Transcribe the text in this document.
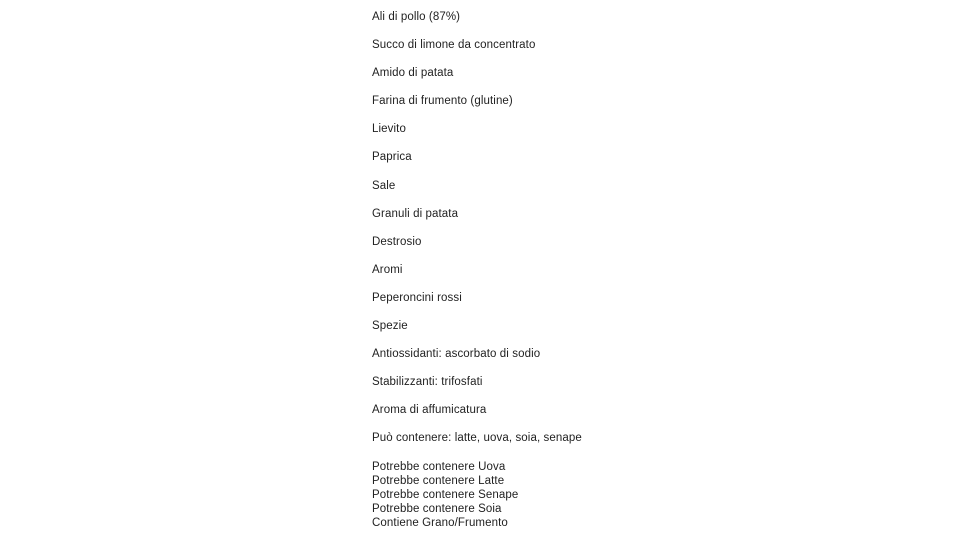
Ali di pollo (87%)
Succo di limone da concentrato
Amido di patata
Farina di frumento (glutine)
Lievito
Paprica
Sale
Granuli di patata
Destrosio
Aromi
Peperoncini rossi
Spezie
Antiossidanti: ascorbato di sodio
Stabilizzanti: trifosfati
Aroma di affumicatura
Può contenere: latte, uova, soia, senape
Potrebbe contenere Uova
Potrebbe contenere Latte
Potrebbe contenere Senape
Potrebbe contenere Soia
Contiene Grano/Frumento
